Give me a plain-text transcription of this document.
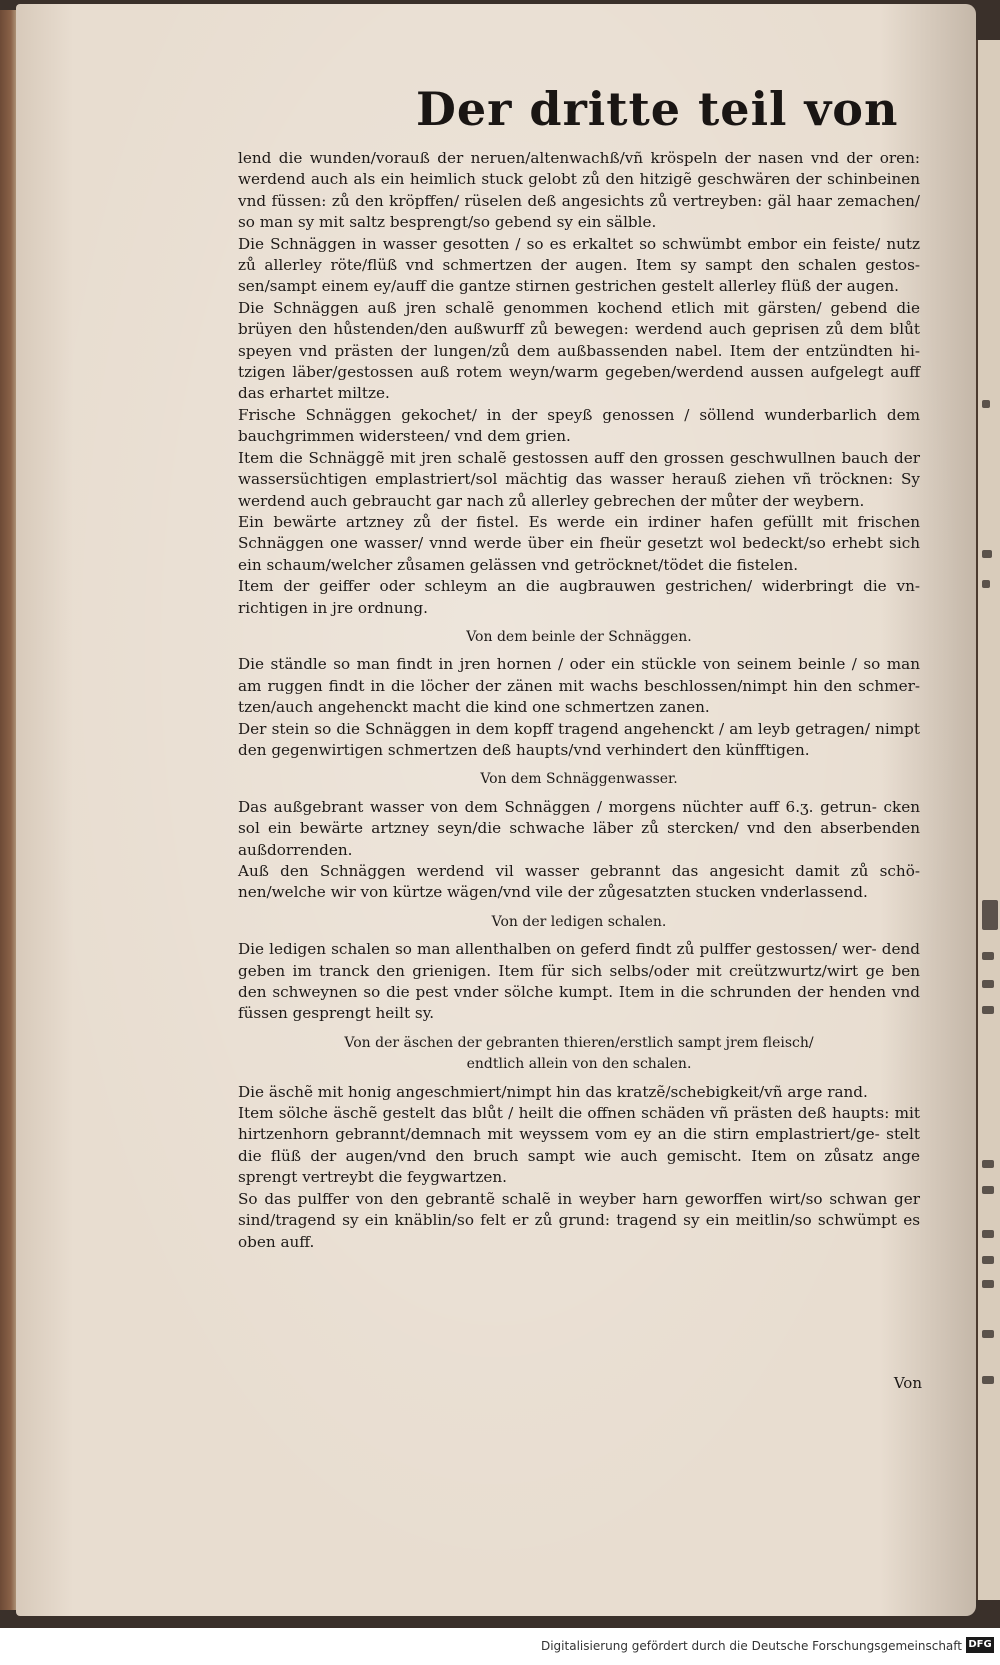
Der dritte teil von

lend die wunden/vorauß der neruen/altenwachß/vñ kröspeln der nasen vnd der oren: werdend auch als ein heimlich stuck gelobt zů den hitzigẽ geschwären der schinbeinen vnd füssen: zů den kröpffen/ rüselen deß angesichts zů vertreyben: gäl haar zemachen/ so man sy mit saltz besprengt/so gebend sy ein sälble.

Die Schnäggen in wasser gesotten / so es erkaltet so schwümbt embor ein feiste/ nutz zů allerley röte/flüß vnd schmertzen der augen. Item sy sampt den schalen gestos- sen/sampt einem ey/auff die gantze stirnen gestrichen gestelt allerley flüß der augen.

Die Schnäggen auß jren schalẽ genommen kochend etlich mit gärsten/ gebend die brüyen den hůstenden/den außwurff zů bewegen: werdend auch geprisen zů dem blůt speyen vnd prästen der lungen/zů dem außbassenden nabel. Item der entzündten hi- tzigen läber/gestossen auß rotem weyn/warm gegeben/werdend aussen aufgelegt auff das erhartet miltze.

Frische Schnäggen gekochet/ in der speyß genossen / söllend wunderbarlich dem bauchgrimmen widersteen/ vnd dem grien.

Item die Schnäggẽ mit jren schalẽ gestossen auff den grossen geschwullnen bauch der wassersüchtigen emplastriert/sol mächtig das wasser herauß ziehen vñ tröcknen: Sy werdend auch gebraucht gar nach zů allerley gebrechen der můter der weybern.

Ein bewärte artzney zů der fistel. Es werde ein irdiner hafen gefüllt mit frischen Schnäggen one wasser/ vnnd werde über ein fheür gesetzt wol bedeckt/so erhebt sich ein schaum/welcher zůsamen gelässen vnd getröcknet/tödet die fistelen.

Item der geiffer oder schleym an die augbrauwen gestrichen/ widerbringt die vn- richtigen in jre ordnung.

Von dem beinle der Schnäggen.

Die ständle so man findt in jren hornen / oder ein stückle von seinem beinle / so man am ruggen findt in die löcher der zänen mit wachs beschlossen/nimpt hin den schmer- tzen/auch angehenckt macht die kind one schmertzen zanen.

Der stein so die Schnäggen in dem kopff tragend angehenckt / am leyb getragen/ nimpt den gegenwirtigen schmertzen deß haupts/vnd verhindert den künfftigen.

Von dem Schnäggenwasser.

Das außgebrant wasser von dem Schnäggen / morgens nüchter auff 6.ʒ. getrun- cken sol ein bewärte artzney seyn/die schwache läber zů stercken/ vnd den abserbenden außdorrenden.

Auß den Schnäggen werdend vil wasser gebrannt das angesicht damit zů schö- nen/welche wir von kürtze wägen/vnd vile der zůgesatzten stucken vnderlassend.

Von der ledigen schalen.

Die ledigen schalen so man allenthalben on geferd findt zů pulffer gestossen/ wer- dend geben im tranck den grienigen. Item für sich selbs/oder mit creützwurtz/wirt ge ben den schweynen so die pest vnder sölche kumpt. Item in die schrunden der henden vnd füssen gesprengt heilt sy.

Von der äschen der gebranten thieren/erstlich sampt jrem fleisch/
endtlich allein von den schalen.

Die äschẽ mit honig angeschmiert/nimpt hin das kratzẽ/schebigkeit/vñ arge rand.

Item sölche äschẽ gestelt das blůt / heilt die offnen schäden vñ prästen deß haupts: mit hirtzenhorn gebrannt/demnach mit weyssem vom ey an die stirn emplastriert/ge- stelt die flüß der augen/vnd den bruch sampt wie auch gemischt. Item on zůsatz ange sprengt vertreybt die feygwartzen.

So das pulffer von den gebrantẽ schalẽ in weyber harn geworffen wirt/so schwan ger sind/tragend sy ein knäblin/so felt er zů grund: tragend sy ein meitlin/so schwümpt es oben auff.

Von
Digitalisierung gefördert durch die Deutsche Forschungsgemeinschaft DFG
